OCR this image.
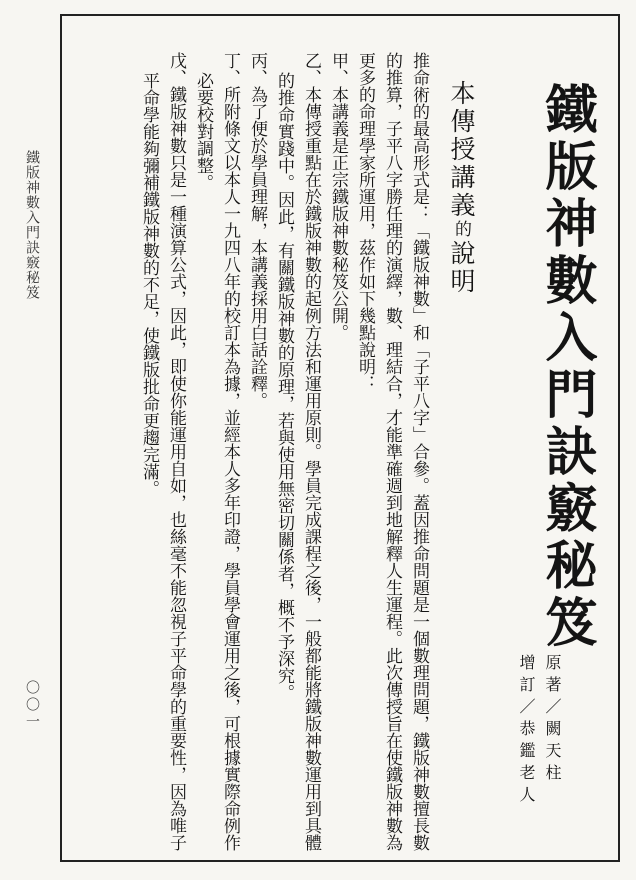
鐵版神數入門訣竅秘笈
〇〇一
鐵版神數入門訣竅秘笈
原著／闕天柱
增訂／恭鑑老人
本傳授講義的說明

推命術的最高形式是：「鐵版神數」和「子平八字」合參。蓋因推命問題是一個數理問題，鐵版神數擅長數的推算，子平八字勝任理的演繹，數、理結合，才能準確週到地解釋人生運程。此次傳授旨在使鐵版神數為更多的命理學家所運用，茲作如下幾點說明：

甲、本講義是正宗鐵版神數秘笈公開。

乙、本傳授重點在於鐵版神數的起例方法和運用原則。學員完成課程之後，一般都能將鐵版神數運用到具體的推命實踐中。因此，有關鐵版神數的原理，若與使用無密切關係者，概不予深究。

丙、為了便於學員理解，本講義採用白話詮釋。

丁、所附條文以本人一九四八年的校訂本為據，並經本人多年印證，學員學會運用之後，可根據實際命例作必要校對調整。

戊、鐵版神數只是一種演算公式，因此，即使你能運用自如，也絲毫不能忽視子平命學的重要性，因為唯子平命學能夠彌補鐵版神數的不足，使鐵版批命更趨完滿。
